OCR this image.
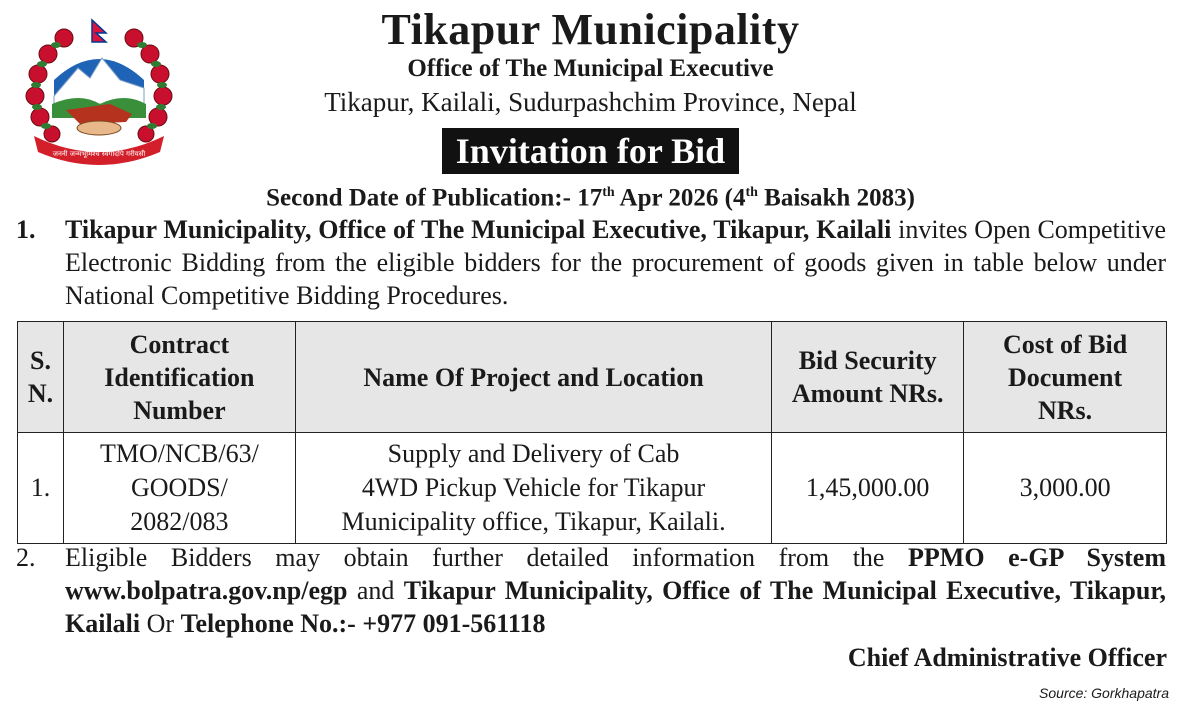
जननी जन्मभूमिश्च स्वर्गादपि गरीयसी
Tikapur Municipality
Office of The Municipal Executive
Tikapur, Kailali, Sudurpashchim Province, Nepal
Invitation for Bid
Second Date of Publication:- 17th Apr 2026 (4th Baisakh 2083)
1. Tikapur Municipality, Office of The Municipal Executive, Tikapur, Kailali invites Open Competitive Electronic Bidding from the eligible bidders for the procurement of goods given in table below under National Competitive Bidding Procedures.
S.
N.	Contract
Identification
Number	Name Of Project and Location	Bid Security
Amount NRs.	Cost of Bid
Document
NRs.
1.	TMO/NCB/63/
GOODS/
2082/083	Supply and Delivery of Cab
4WD Pickup Vehicle for Tikapur
Municipality office, Tikapur, Kailali.	1,45,000.00	3,000.00
2. Eligible Bidders may obtain further detailed information from the PPMO e-GP System www.bolpatra.gov.np/egp and Tikapur Municipality, Office of The Municipal Executive, Tikapur, Kailali Or Telephone No.:- +977 091-561118
Chief Administrative Officer
Source: Gorkhapatra
